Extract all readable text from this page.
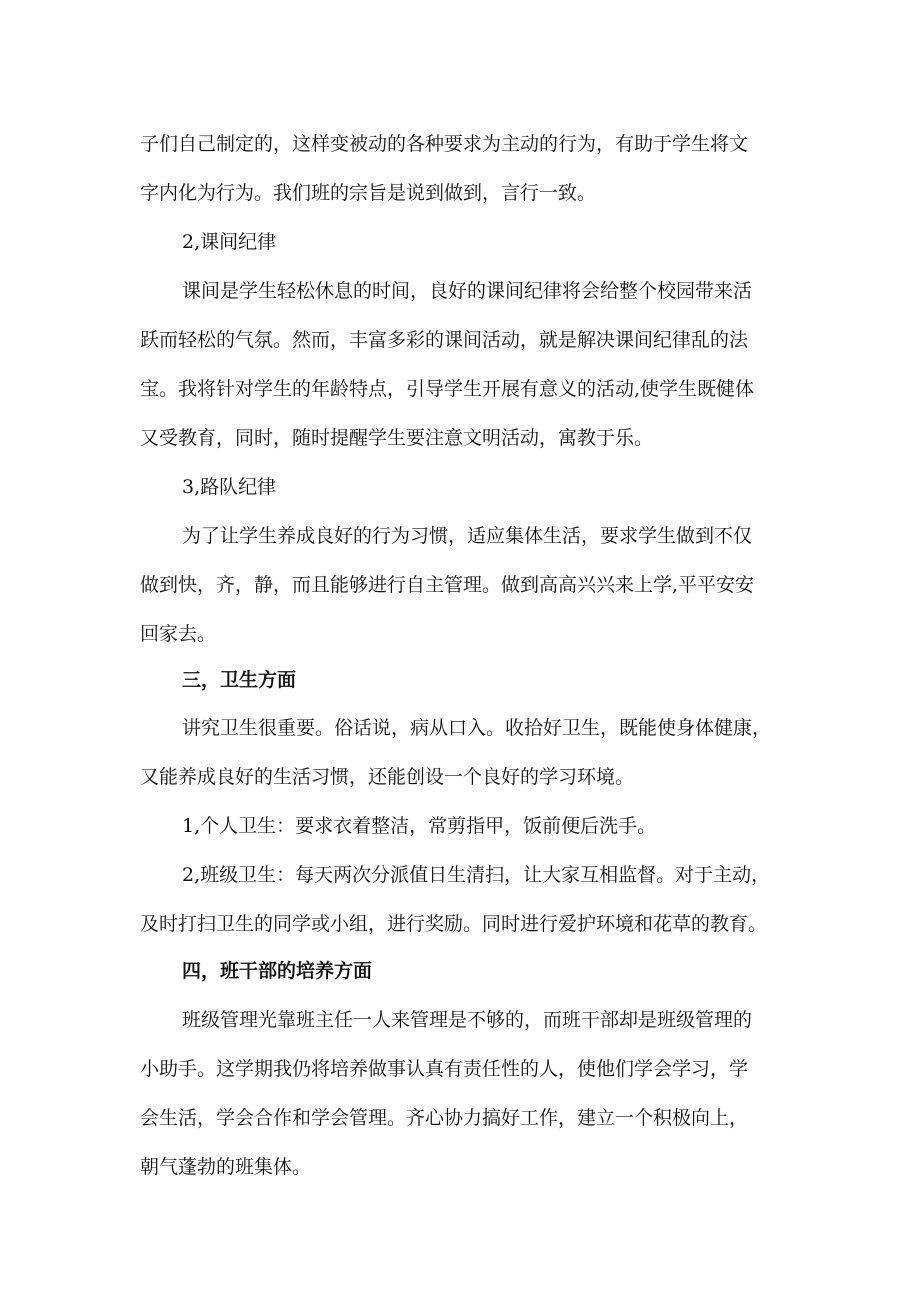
子们自己制定的，这样变被动的各种要求为主动的行为，有助于学生将文
字内化为行为。我们班的宗旨是说到做到，言行一致。
2,课间纪律
课间是学生轻松休息的时间，良好的课间纪律将会给整个校园带来活
跃而轻松的气氛。然而，丰富多彩的课间活动，就是解决课间纪律乱的法
宝。我将针对学生的年龄特点，引导学生开展有意义的活动,使学生既健体
又受教育，同时，随时提醒学生要注意文明活动，寓教于乐。
3,路队纪律
为了让学生养成良好的行为习惯，适应集体生活，要求学生做到不仅
做到快，齐，静，而且能够进行自主管理。做到高高兴兴来上学,平平安安
回家去。
三，卫生方面
讲究卫生很重要。俗话说，病从口入。收拾好卫生，既能使身体健康，
又能养成良好的生活习惯，还能创设一个良好的学习环境。
1,个人卫生：要求衣着整洁，常剪指甲，饭前便后洗手。
2,班级卫生：每天两次分派值日生清扫，让大家互相监督。对于主动，
及时打扫卫生的同学或小组，进行奖励。同时进行爱护环境和花草的教育。
四，班干部的培养方面
班级管理光靠班主任一人来管理是不够的，而班干部却是班级管理的
小助手。这学期我仍将培养做事认真有责任性的人，使他们学会学习，学
会生活，学会合作和学会管理。齐心协力搞好工作，建立一个积极向上，
朝气蓬勃的班集体。
